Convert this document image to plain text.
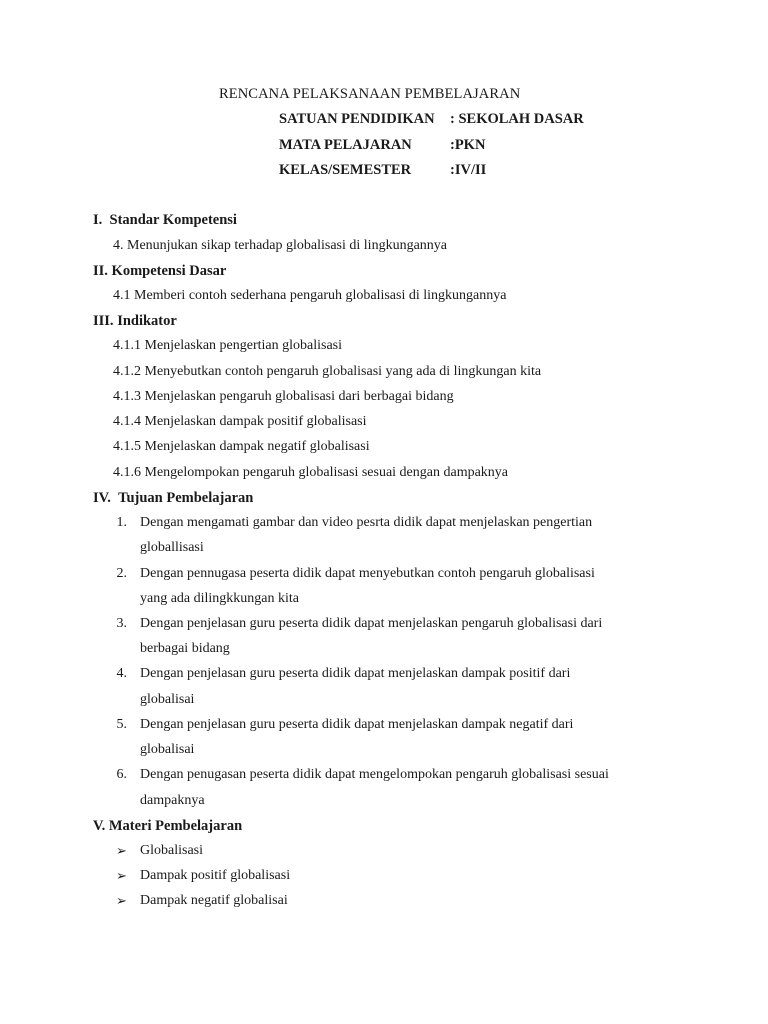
RENCANA PELAKSANAAN PEMBELAJARAN
SATUAN PENDIDIKAN : SEKOLAH DASAR
MATA PELAJARAN	:PKN
KELAS/SEMESTER	:IV/II
I. Standar Kompetensi
4. Menunjukan sikap terhadap globalisasi di lingkungannya
II. Kompetensi Dasar
4.1 Memberi contoh sederhana pengaruh globalisasi di lingkungannya
III. Indikator
4.1.1 Menjelaskan pengertian globalisasi
4.1.2 Menyebutkan contoh pengaruh globalisasi yang ada di lingkungan kita
4.1.3 Menjelaskan pengaruh globalisasi dari berbagai bidang
4.1.4 Menjelaskan dampak positif globalisasi
4.1.5 Menjelaskan dampak negatif globalisasi
4.1.6 Mengelompokan pengaruh globalisasi sesuai dengan dampaknya
IV. Tujuan Pembelajaran
1. Dengan mengamati gambar dan video pesrta didik dapat menjelaskan pengertian
globallisasi
2. Dengan pennugasa peserta didik dapat menyebutkan contoh pengaruh globalisasi
yang ada dilingkkungan kita
3. Dengan penjelasan guru peserta didik dapat menjelaskan pengaruh globalisasi dari
berbagai bidang
4. Dengan penjelasan guru peserta didik dapat menjelaskan dampak positif dari
globalisai
5. Dengan penjelasan guru peserta didik dapat menjelaskan dampak negatif dari
globalisai
6. Dengan penugasan peserta didik dapat mengelompokan pengaruh globalisasi sesuai
dampaknya
V. Materi Pembelajaran
➢ Globalisasi
➢ Dampak positif globalisasi
➢ Dampak negatif globalisai
